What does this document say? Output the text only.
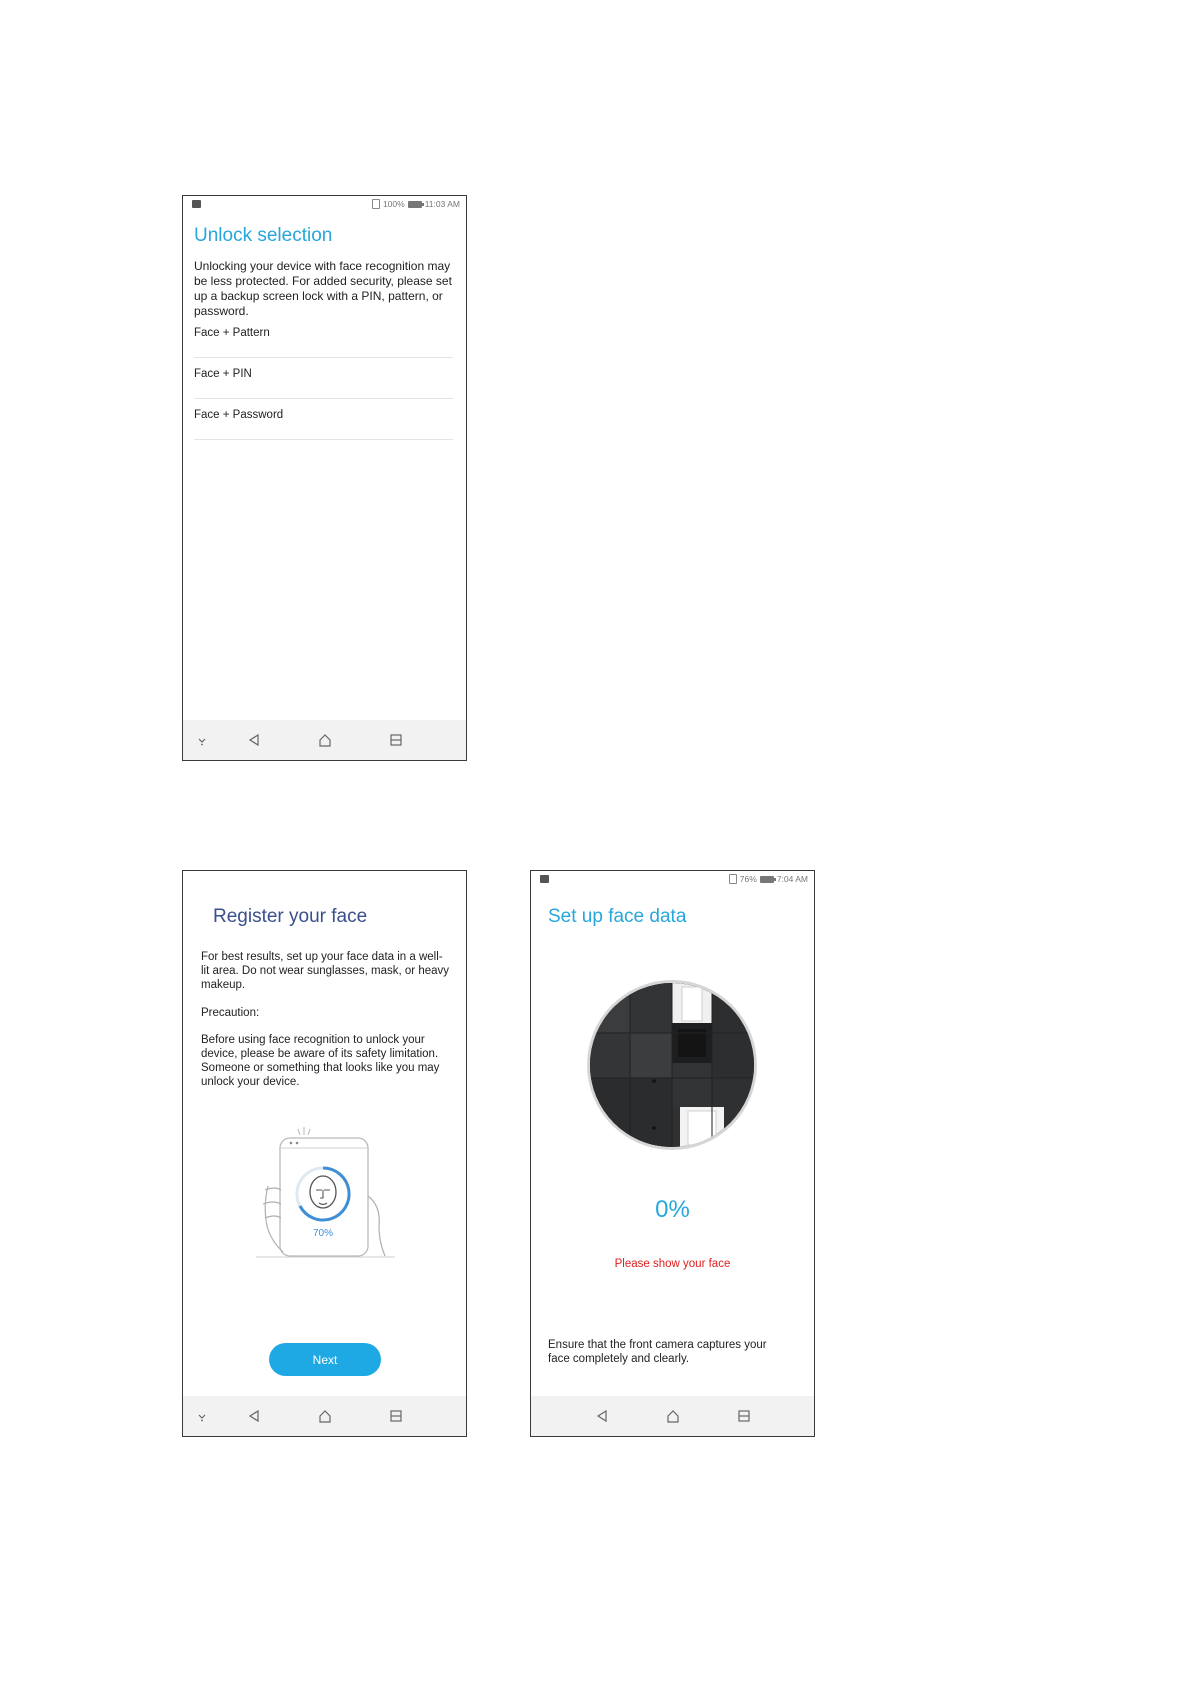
100% 11:03 AM
Unlock selection
Unlocking your device with face recognition may be less protected. For added security, please set up a backup screen lock with a PIN, pattern, or password.
Face + Pattern
Face + PIN
Face + Password
Register your face
For best results, set up your face data in a well-lit area. Do not wear sunglasses, mask, or heavy makeup.
Precaution:
Before using face recognition to unlock your device, please be aware of its safety limitation. Someone or something that looks like you may unlock your device.
70%
Next
76% 7:04 AM
Set up face data
0%
Please show your face
Ensure that the front camera captures your face completely and clearly.
